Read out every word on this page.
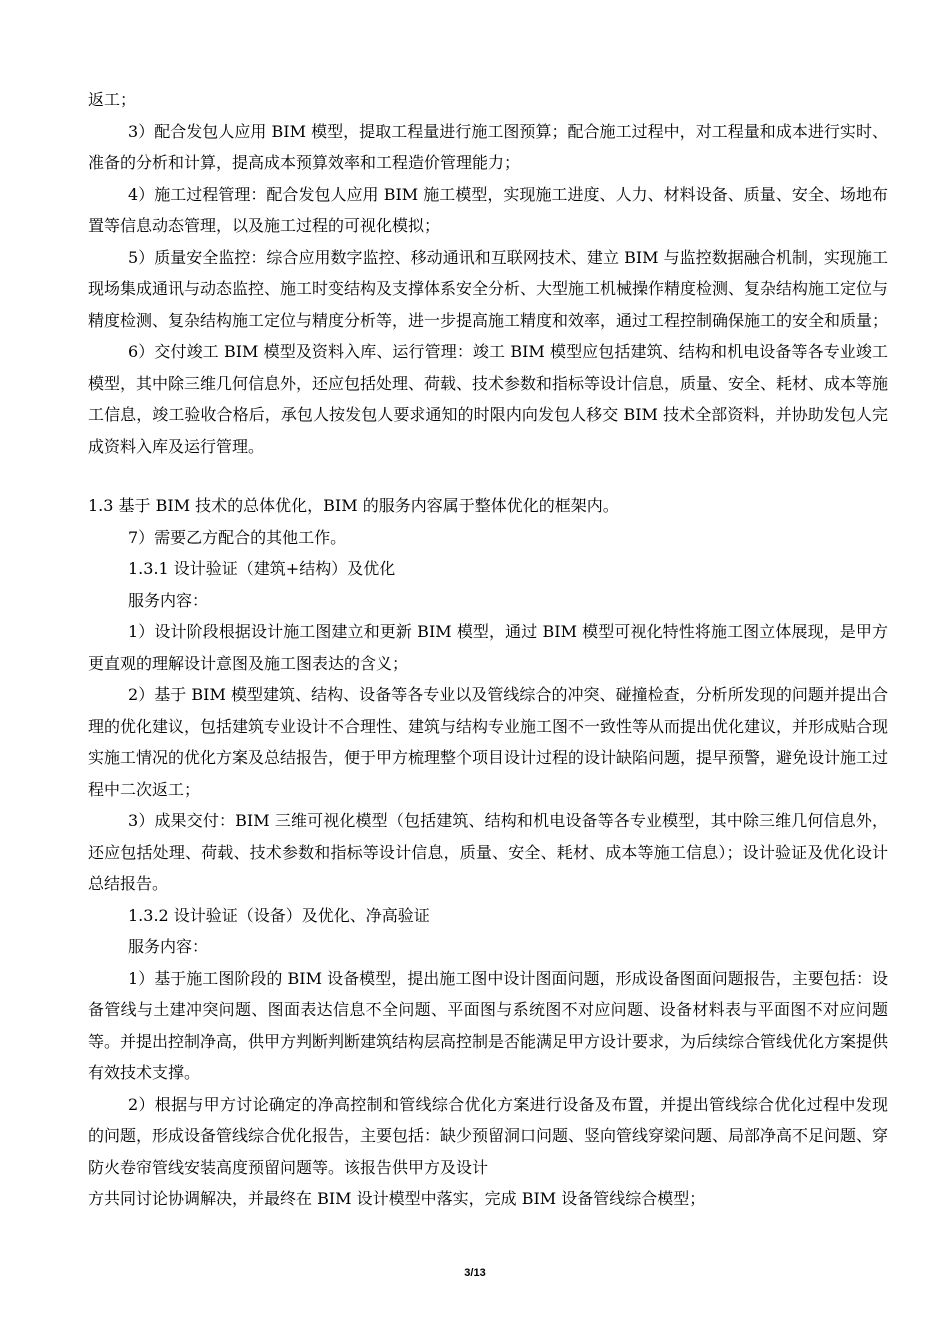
返工；

3）配合发包人应用 BIM 模型，提取工程量进行施工图预算；配合施工过程中，对工程量和成本进行实时、准备的分析和计算，提高成本预算效率和工程造价管理能力；

4）施工过程管理：配合发包人应用 BIM 施工模型，实现施工进度、人力、材料设备、质量、安全、场地布置等信息动态管理，以及施工过程的可视化模拟；

5）质量安全监控：综合应用数字监控、移动通讯和互联网技术、建立 BIM 与监控数据融合机制，实现施工现场集成通讯与动态监控、施工时变结构及支撑体系安全分析、大型施工机械操作精度检测、复杂结构施工定位与精度检测、复杂结构施工定位与精度分析等，进一步提高施工精度和效率，通过工程控制确保施工的安全和质量；

6）交付竣工 BIM 模型及资料入库、运行管理：竣工 BIM 模型应包括建筑、结构和机电设备等各专业竣工模型，其中除三维几何信息外，还应包括处理、荷载、技术参数和指标等设计信息，质量、安全、耗材、成本等施工信息，竣工验收合格后，承包人按发包人要求通知的时限内向发包人移交 BIM 技术全部资料，并协助发包人完成资料入库及运行管理。

1.3 基于 BIM 技术的总体优化，BIM 的服务内容属于整体优化的框架内。

7）需要乙方配合的其他工作。

1.3.1 设计验证（建筑+结构）及优化

服务内容：

1）设计阶段根据设计施工图建立和更新 BIM 模型，通过 BIM 模型可视化特性将施工图立体展现，是甲方更直观的理解设计意图及施工图表达的含义；

2）基于 BIM 模型建筑、结构、设备等各专业以及管线综合的冲突、碰撞检查，分析所发现的问题并提出合理的优化建议，包括建筑专业设计不合理性、建筑与结构专业施工图不一致性等从而提出优化建议，并形成贴合现实施工情况的优化方案及总结报告，便于甲方梳理整个项目设计过程的设计缺陷问题，提早预警，避免设计施工过程中二次返工；

3）成果交付：BIM 三维可视化模型（包括建筑、结构和机电设备等各专业模型，其中除三维几何信息外，还应包括处理、荷载、技术参数和指标等设计信息，质量、安全、耗材、成本等施工信息）；设计验证及优化设计总结报告。

1.3.2 设计验证（设备）及优化、净高验证

服务内容：

1）基于施工图阶段的 BIM 设备模型，提出施工图中设计图面问题，形成设备图面问题报告，主要包括：设备管线与土建冲突问题、图面表达信息不全问题、平面图与系统图不对应问题、设备材料表与平面图不对应问题等。并提出控制净高，供甲方判断判断建筑结构层高控制是否能满足甲方设计要求，为后续综合管线优化方案提供有效技术支撑。

2）根据与甲方讨论确定的净高控制和管线综合优化方案进行设备及布置，并提出管线综合优化过程中发现的问题，形成设备管线综合优化报告，主要包括：缺少预留洞口问题、竖向管线穿梁问题、局部净高不足问题、穿防火卷帘管线安装高度预留问题等。该报告供甲方及设计

方共同讨论协调解决，并最终在 BIM 设计模型中落实，完成 BIM 设备管线综合模型；

3/13
